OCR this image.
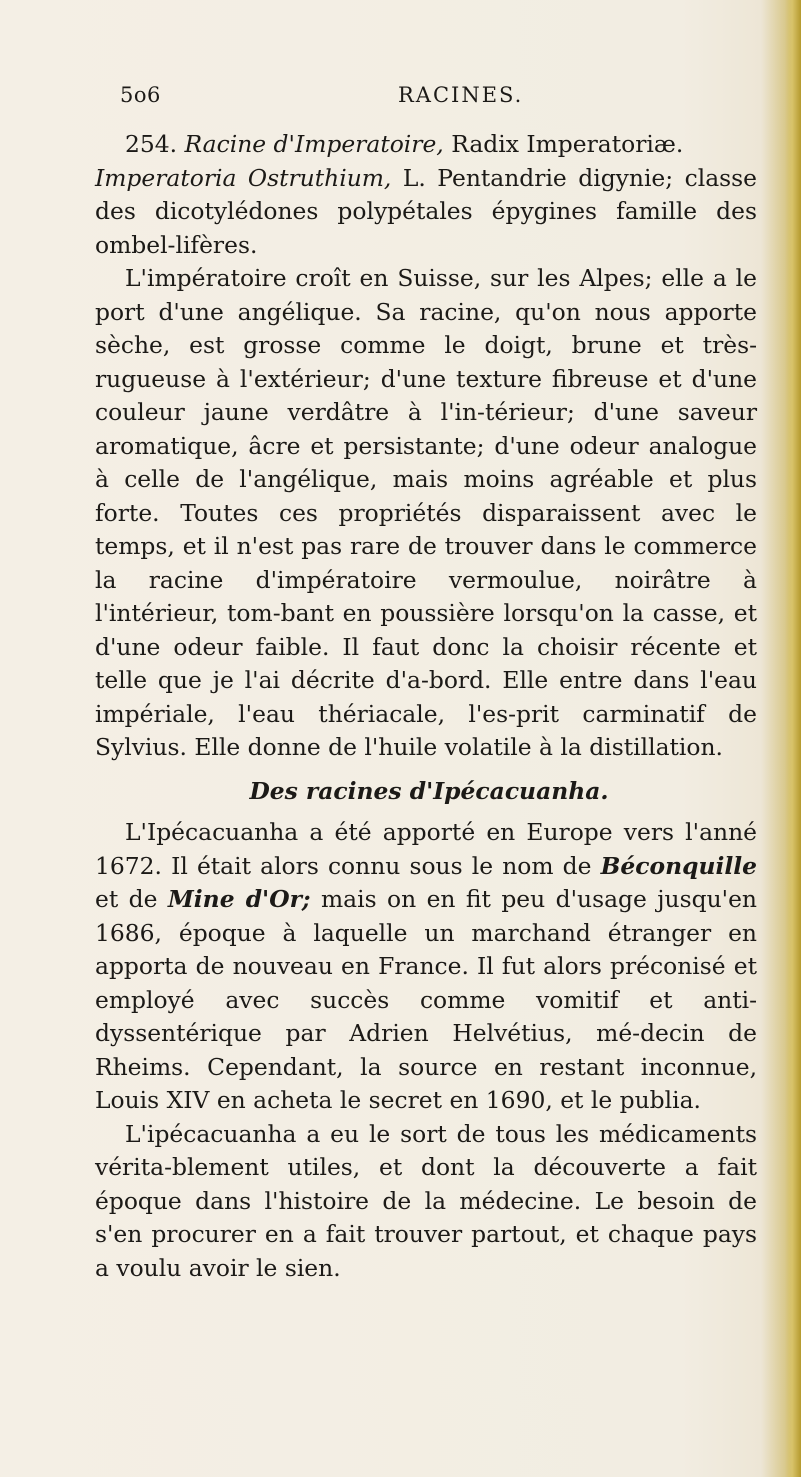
5o6	RACINES.

254. Racine d'Imperatoire, Radix Imperatoriæ.

Imperatoria Ostruthium, L. Pentandrie digynie; classe des dicotylédones polypétales épygines famille des ombel-lifères.

L'impératoire croît en Suisse, sur les Alpes; elle a le port d'une angélique. Sa racine, qu'on nous apporte sèche, est grosse comme le doigt, brune et très-rugueuse à l'extérieur; d'une texture fibreuse et d'une couleur jaune verdâtre à l'in-térieur; d'une saveur aromatique, âcre et persistante; d'une odeur analogue à celle de l'angélique, mais moins agréable et plus forte. Toutes ces propriétés disparaissent avec le temps, et il n'est pas rare de trouver dans le commerce la racine d'impératoire vermoulue, noirâtre à l'intérieur, tom-bant en poussière lorsqu'on la casse, et d'une odeur faible. Il faut donc la choisir récente et telle que je l'ai décrite d'a-bord. Elle entre dans l'eau impériale, l'eau thériacale, l'es-prit carminatif de Sylvius. Elle donne de l'huile volatile à la distillation.

Des racines d'Ipécacuanha.

L'Ipécacuanha a été apporté en Europe vers l'anné 1672. Il était alors connu sous le nom de Béconquille et de Mine d'Or; mais on en fit peu d'usage jusqu'en 1686, époque à laquelle un marchand étranger en apporta de nouveau en France. Il fut alors préconisé et employé avec succès comme vomitif et anti-dyssentérique par Adrien Helvétius, mé-decin de Rheims. Cependant, la source en restant inconnue, Louis XIV en acheta le secret en 1690, et le publia.

L'ipécacuanha a eu le sort de tous les médicaments vérita-blement utiles, et dont la découverte a fait époque dans l'histoire de la médecine. Le besoin de s'en procurer en a fait trouver partout, et chaque pays a voulu avoir le sien.
